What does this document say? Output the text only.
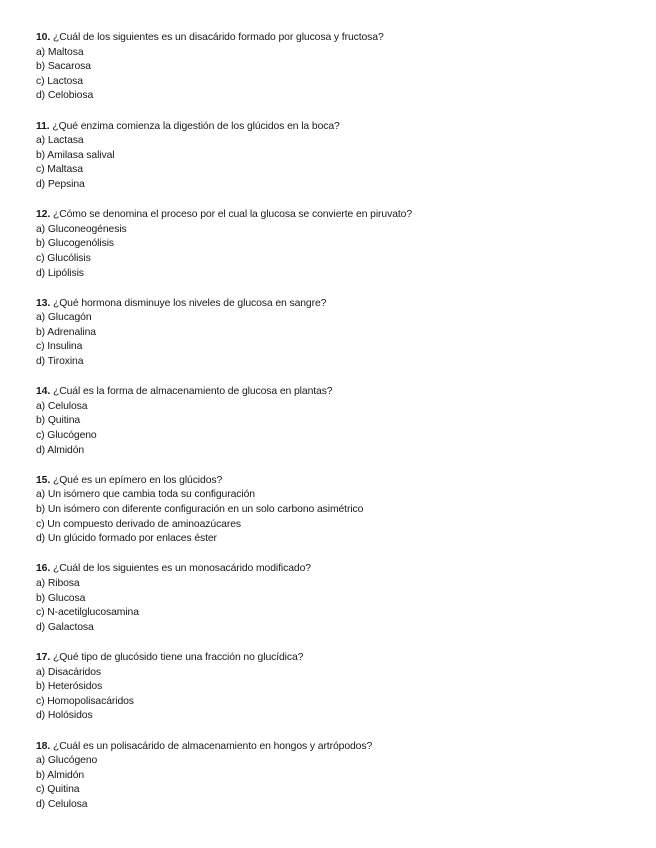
10. ¿Cuál de los siguientes es un disacárido formado por glucosa y fructosa?
a) Maltosa
b) Sacarosa
c) Lactosa
d) Celobiosa
11. ¿Qué enzima comienza la digestión de los glúcidos en la boca?
a) Lactasa
b) Amilasa salival
c) Maltasa
d) Pepsina
12. ¿Cómo se denomina el proceso por el cual la glucosa se convierte en piruvato?
a) Gluconeogénesis
b) Glucogenólisis
c) Glucólisis
d) Lipólisis
13. ¿Qué hormona disminuye los niveles de glucosa en sangre?
a) Glucagón
b) Adrenalina
c) Insulina
d) Tiroxina
14. ¿Cuál es la forma de almacenamiento de glucosa en plantas?
a) Celulosa
b) Quitina
c) Glucógeno
d) Almidón
15. ¿Qué es un epímero en los glúcidos?
a) Un isómero que cambia toda su configuración
b) Un isómero con diferente configuración en un solo carbono asimétrico
c) Un compuesto derivado de aminoazúcares
d) Un glúcido formado por enlaces éster
16. ¿Cuál de los siguientes es un monosacárido modificado?
a) Ribosa
b) Glucosa
c) N-acetilglucosamina
d) Galactosa
17. ¿Qué tipo de glucósido tiene una fracción no glucídica?
a) Disacáridos
b) Heterósidos
c) Homopolisacáridos
d) Holósidos
18. ¿Cuál es un polisacárido de almacenamiento en hongos y artrópodos?
a) Glucógeno
b) Almidón
c) Quitina
d) Celulosa
